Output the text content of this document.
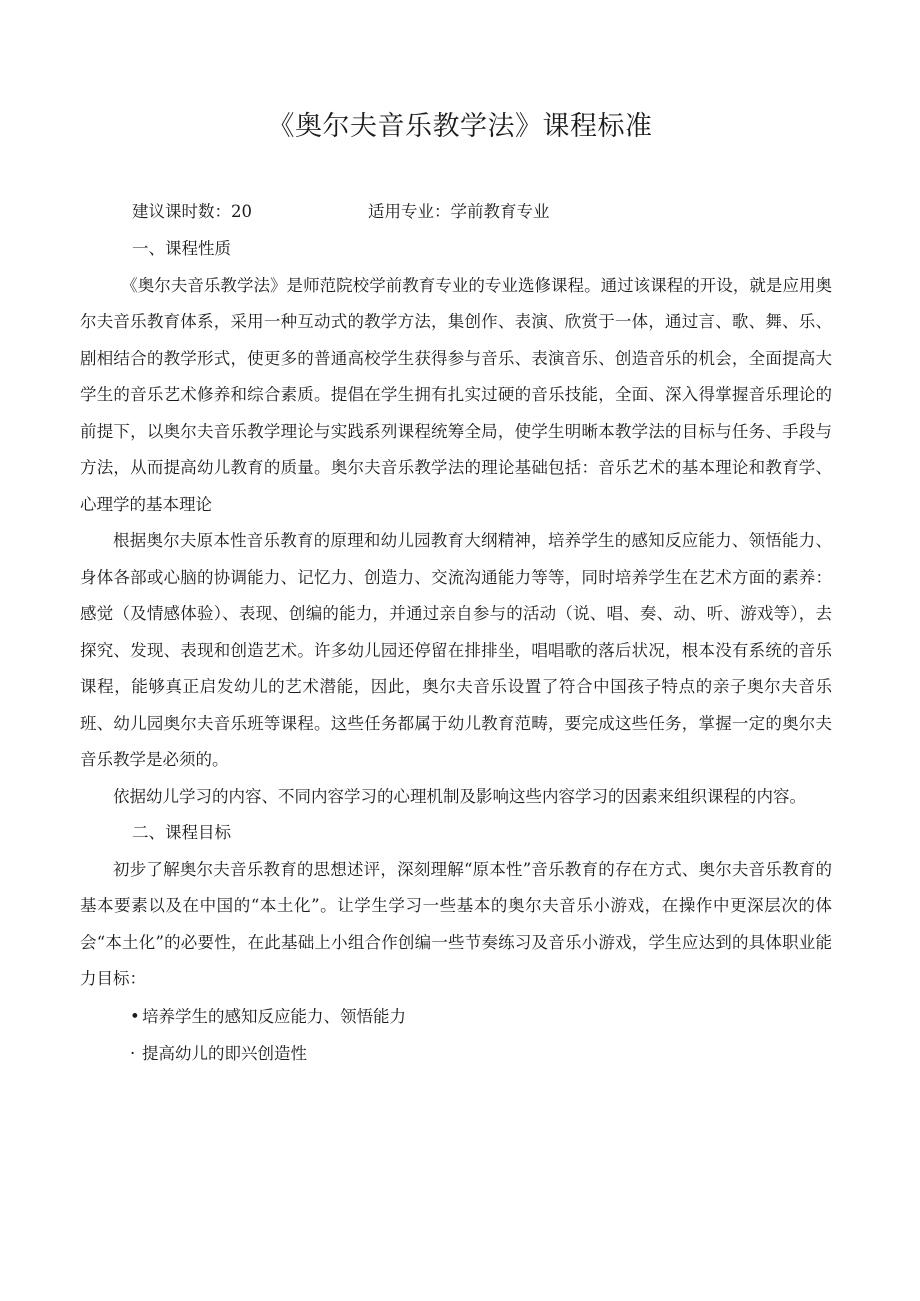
《奥尔夫音乐教学法》课程标准
建议课时数：20	适用专业：学前教育专业
一、课程性质

《奥尔夫音乐教学法》是师范院校学前教育专业的专业选修课程。通过该课程的开设，就是应用奥尔夫音乐教育体系，采用一种互动式的教学方法，集创作、表演、欣赏于一体，通过言、歌、舞、乐、剧相结合的教学形式，使更多的普通高校学生获得参与音乐、表演音乐、创造音乐的机会，全面提高大学生的音乐艺术修养和综合素质。提倡在学生拥有扎实过硬的音乐技能，全面、深入得掌握音乐理论的前提下，以奥尔夫音乐教学理论与实践系列课程统筹全局，使学生明晰本教学法的目标与任务、手段与方法，从而提高幼儿教育的质量。奥尔夫音乐教学法的理论基础包括：音乐艺术的基本理论和教育学、心理学的基本理论

根据奥尔夫原本性音乐教育的原理和幼儿园教育大纲精神，培养学生的感知反应能力、领悟能力、身体各部或心脑的协调能力、记忆力、创造力、交流沟通能力等等，同时培养学生在艺术方面的素养：感觉（及情感体验）、表现、创编的能力，并通过亲自参与的活动（说、唱、奏、动、听、游戏等），去探究、发现、表现和创造艺术。许多幼儿园还停留在排排坐，唱唱歌的落后状况，根本没有系统的音乐课程，能够真正启发幼儿的艺术潜能，因此，奥尔夫音乐设置了符合中国孩子特点的亲子奥尔夫音乐班、幼儿园奥尔夫音乐班等课程。这些任务都属于幼儿教育范畴，要完成这些任务，掌握一定的奥尔夫音乐教学是必须的。

依据幼儿学习的内容、不同内容学习的心理机制及影响这些内容学习的因素来组织课程的内容。

二、课程目标

初步了解奥尔夫音乐教育的思想述评，深刻理解“原本性”音乐教育的存在方式、奥尔夫音乐教育的基本要素以及在中国的“本土化”。让学生学习一些基本的奥尔夫音乐小游戏，在操作中更深层次的体会“本土化”的必要性，在此基础上小组合作创编一些节奏练习及音乐小游戏，学生应达到的具体职业能力目标：

• 培养学生的感知反应能力、领悟能力
· 提高幼儿的即兴创造性
